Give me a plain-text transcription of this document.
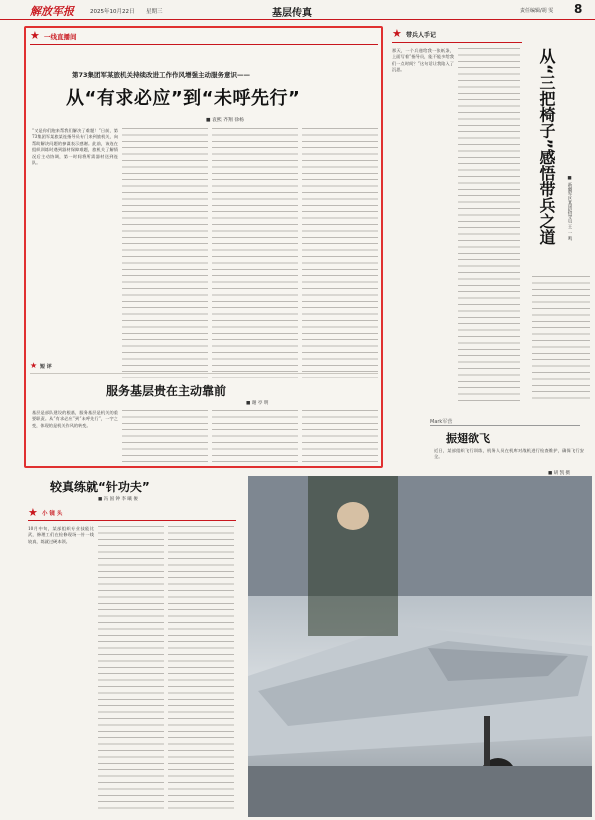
解放军报	2025年10月22日 星期三	基层传真	责任编辑/胡 雯 8
★ 一线直播间
第73集团军某旅机关持续改进工作作风增强主动服务意识——
从“有求必应”到“未呼先行”
■ 袁熙 齐翔 徐杨
“又是你们跑来帮我们解决了难题！”日前，第73集团军某旅某连指导员专门来到旅机关，向帮助解决问题的参谋表示感谢。此前，该连在组织训练时遇到器材保障难题，旅机关了解情况后主动协调，第一时间将所需器材送到连队。
★ 短 评
服务基层贵在主动靠前
■ 谢 亭 明
基层是部队建设的根基，服务基层是机关的重要职责。从“有求必应”到“未呼先行”，一字之变，体现的是机关作风的转变。
★ 带兵人手记
那天，一个兵递给我一张纸条，上面写着“指导员，能不能多给我们一点时间？”这句话让我陷入了沉思。	从“三把椅子”感悟带兵之道	■ 新疆军区某团指导员 王 一 鸣
较真练就“针功夫”
■ 冯 国 钟 李 曦 俊
★ 小 镜 头
10月中旬，某部组织专业技能比武，修理工们在检修现场一针一线较真，练就过硬本领。
Mark军营
振翅欲飞
近日，某部组织飞行训练，机务人员在机库对战机进行检查维护，确保飞行安全。
■ 胡 凯 摄
